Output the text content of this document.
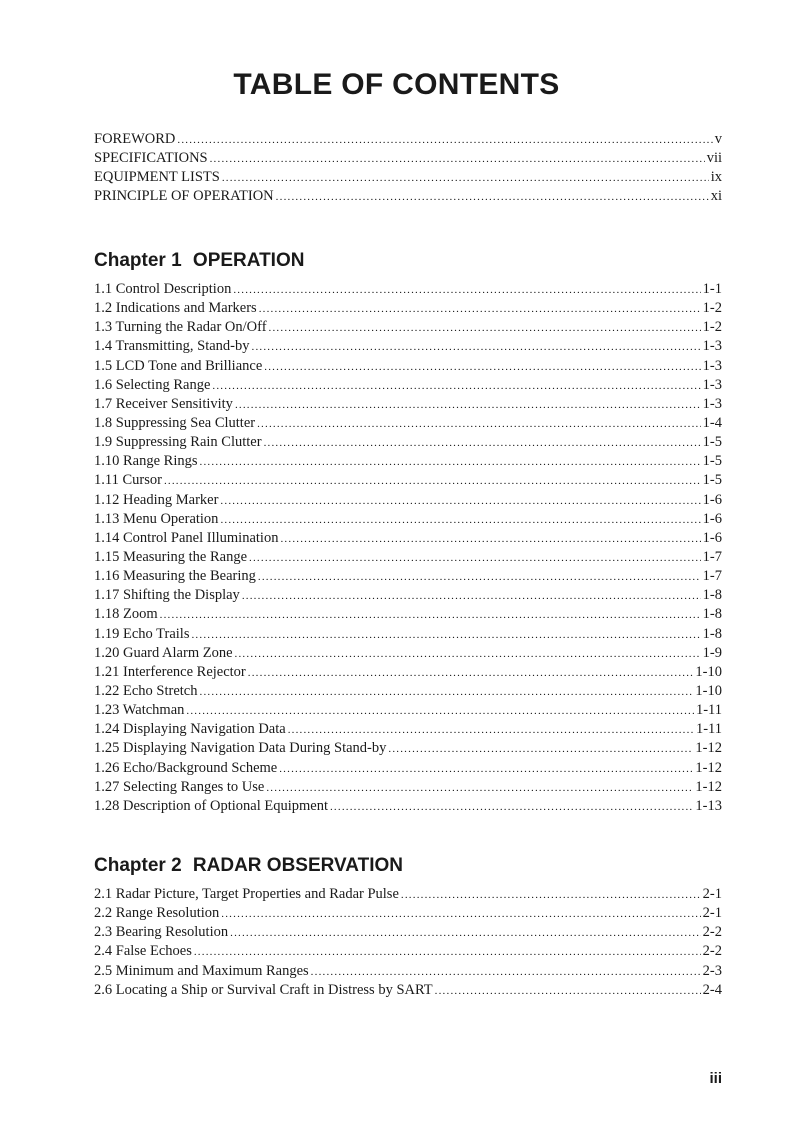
TABLE OF CONTENTS
FOREWORD .....	v
SPECIFICATIONS .....	vii
EQUIPMENT LISTS .....	ix
PRINCIPLE OF OPERATION .....	xi
Chapter 1 OPERATION
1.1 Control Description .....	1-1
1.2 Indications and Markers .....	1-2
1.3 Turning the Radar On/Off .....	1-2
1.4 Transmitting, Stand-by .....	1-3
1.5 LCD Tone and Brilliance .....	1-3
1.6 Selecting Range .....	1-3
1.7 Receiver Sensitivity .....	1-3
1.8 Suppressing Sea Clutter .....	1-4
1.9 Suppressing Rain Clutter .....	1-5
1.10 Range Rings .....	1-5
1.11 Cursor .....	1-5
1.12 Heading Marker .....	1-6
1.13 Menu Operation .....	1-6
1.14 Control Panel Illumination .....	1-6
1.15 Measuring the Range .....	1-7
1.16 Measuring the Bearing .....	1-7
1.17 Shifting the Display .....	1-8
1.18 Zoom .....	1-8
1.19 Echo Trails .....	1-8
1.20 Guard Alarm Zone .....	1-9
1.21 Interference Rejector .....	1-10
1.22 Echo Stretch .....	1-10
1.23 Watchman .....	1-11
1.24 Displaying Navigation Data .....	1-11
1.25 Displaying Navigation Data During Stand-by .....	1-12
1.26 Echo/Background Scheme .....	1-12
1.27 Selecting Ranges to Use .....	1-12
1.28 Description of Optional Equipment .....	1-13
Chapter 2 RADAR OBSERVATION
2.1 Radar Picture, Target Properties and Radar Pulse .....	2-1
2.2 Range Resolution .....	2-1
2.3 Bearing Resolution .....	2-2
2.4 False Echoes .....	2-2
2.5 Minimum and Maximum Ranges .....	2-3
2.6 Locating a Ship or Survival Craft in Distress by SART .....	2-4
iii
